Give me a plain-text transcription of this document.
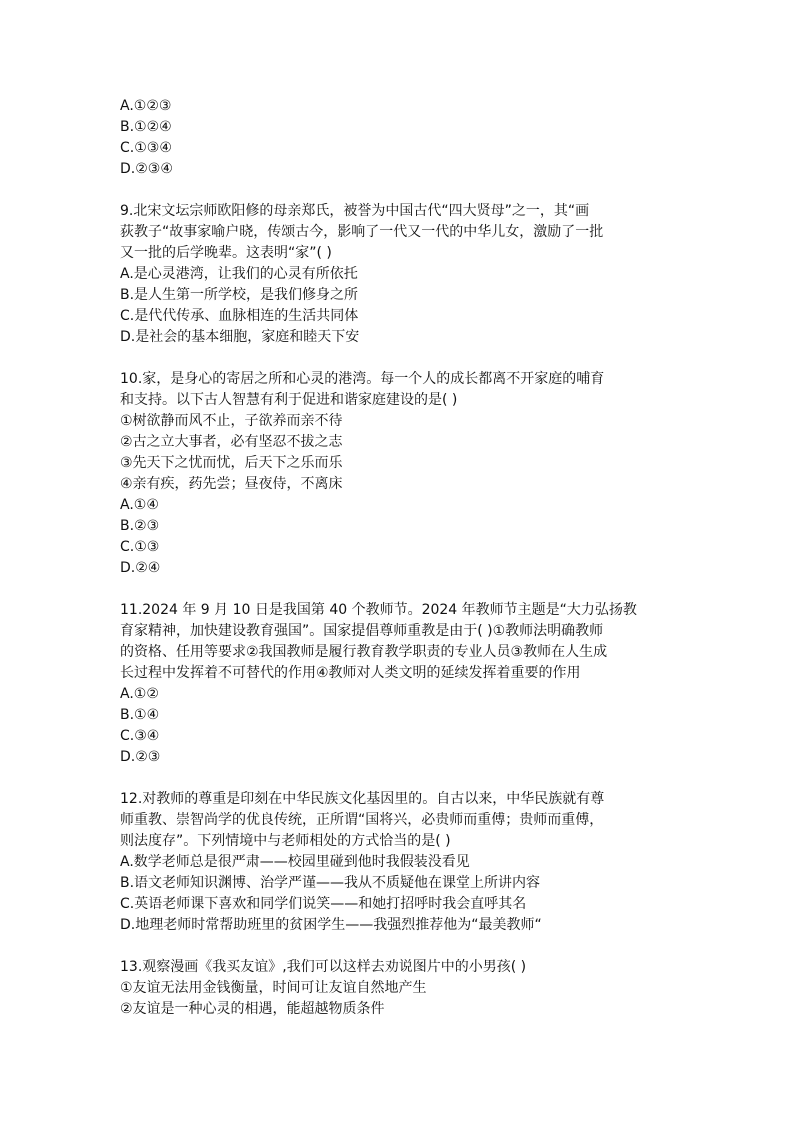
A.①②③
B.①②④
C.①③④
D.②③④
9.北宋文坛宗师欧阳修的母亲郑氏，被誉为中国古代“四大贤母”之一，其“画
荻教子“故事家喻户晓，传颂古今，影响了一代又一代的中华儿女，激励了一批
又一批的后学晚辈。这表明“家”( )
A.是心灵港湾，让我们的心灵有所依托
B.是人生第一所学校，是我们修身之所
C.是代代传承、血脉相连的生活共同体
D.是社会的基本细胞，家庭和睦天下安
10.家，是身心的寄居之所和心灵的港湾。每一个人的成长都离不开家庭的哺育
和支持。以下古人智慧有利于促进和谐家庭建设的是( )
①树欲静而风不止，子欲养而亲不待
②古之立大事者，必有坚忍不拔之志
③先天下之忧而忧，后天下之乐而乐
④亲有疾，药先尝；昼夜侍，不离床
A.①④
B.②③
C.①③
D.②④
11.2024 年 9 月 10 日是我国第 40 个教师节。2024 年教师节主题是“大力弘扬教
育家精神，加快建设教育强国”。国家提倡尊师重教是由于( )①教师法明确教师
的资格、任用等要求②我国教师是履行教育教学职责的专业人员③教师在人生成
长过程中发挥着不可替代的作用④教师对人类文明的延续发挥着重要的作用
A.①②
B.①④
C.③④
D.②③
12.对教师的尊重是印刻在中华民族文化基因里的。自古以来，中华民族就有尊
师重教、崇智尚学的优良传统，正所谓“国将兴，必贵师而重傅；贵师而重傅，
则法度存”。下列情境中与老师相处的方式恰当的是( )
A.数学老师总是很严肃——校园里碰到他时我假装没看见
B.语文老师知识渊博、治学严谨——我从不质疑他在课堂上所讲内容
C.英语老师课下喜欢和同学们说笑——和她打招呼时我会直呼其名
D.地理老师时常帮助班里的贫困学生——我强烈推荐他为“最美教师“
13.观察漫画《我买友谊》,我们可以这样去劝说图片中的小男孩( )
①友谊无法用金钱衡量，时间可让友谊自然地产生
②友谊是一种心灵的相遇，能超越物质条件
